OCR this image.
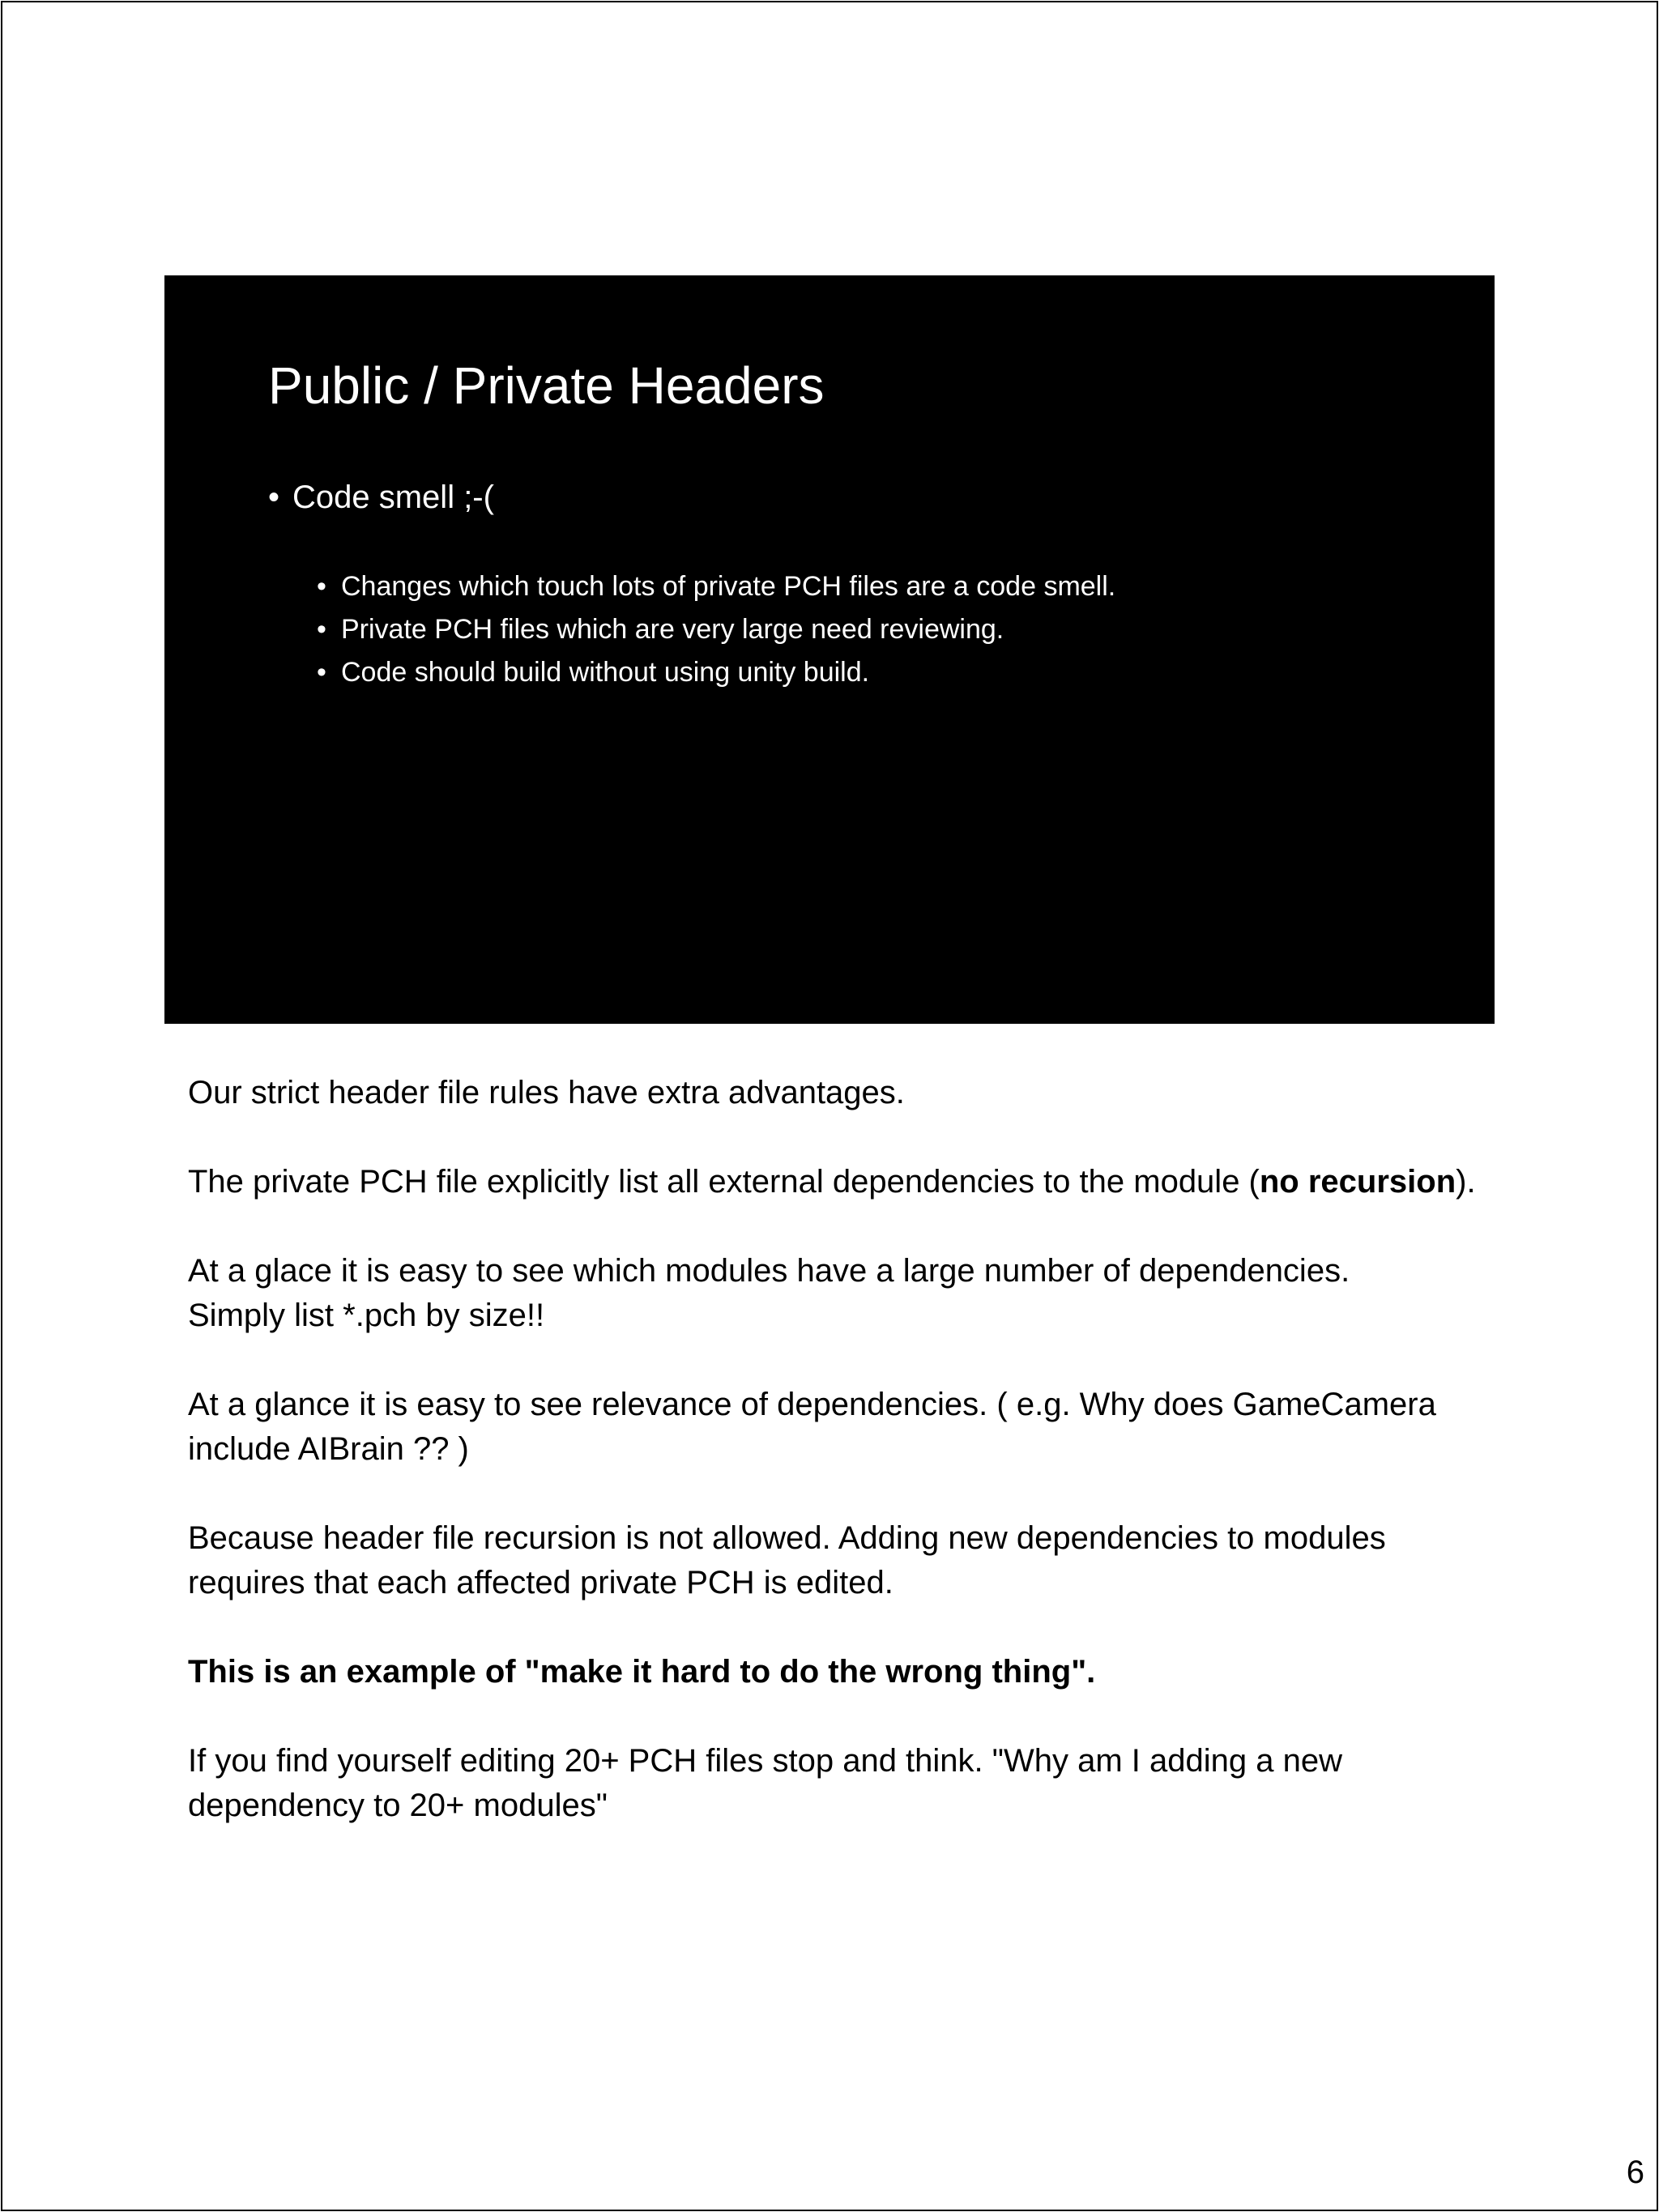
Public / Private Headers
• Code smell ;-(
• Changes which touch lots of private PCH files are a code smell.
• Private PCH files which are very large need reviewing.
• Code should build without using unity build.

Our strict header file rules have extra advantages.

The private PCH file explicitly list all external dependencies to the module (no recursion).

At a glace it is easy to see which modules have a large number of dependencies.
Simply list *.pch by size!!

At a glance it is easy to see relevance of dependencies. ( e.g. Why does GameCamera include AIBrain ?? )

Because header file recursion is not allowed. Adding new dependencies to modules requires that each affected private PCH is edited.

This is an example of "make it hard to do the wrong thing".

If you find yourself editing 20+ PCH files stop and think. "Why am I adding a new dependency to 20+ modules"

6
